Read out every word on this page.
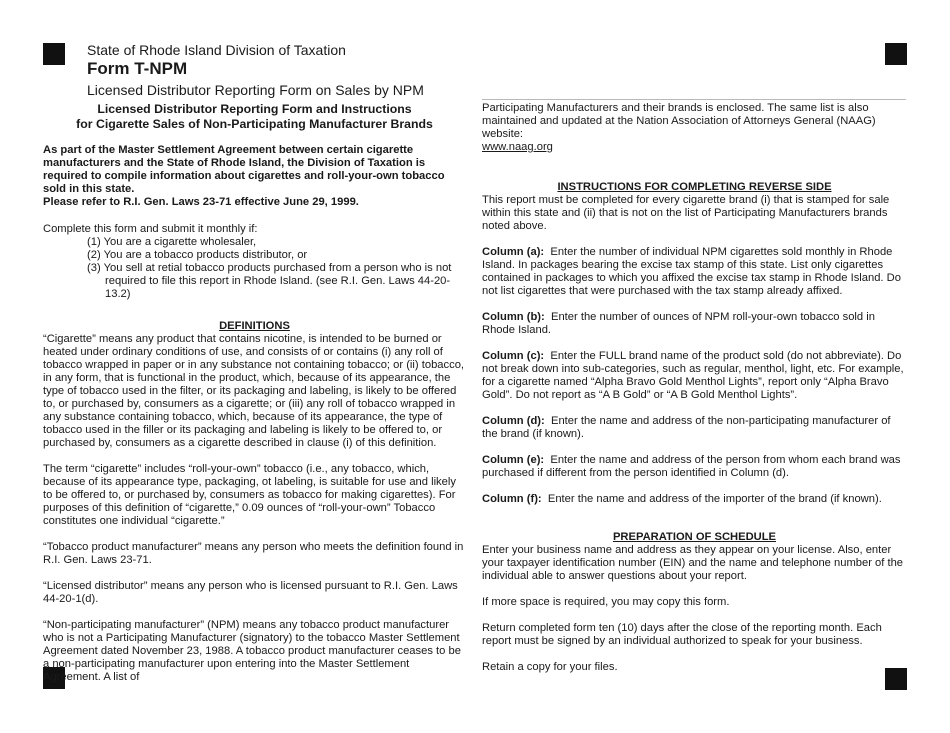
State of Rhode Island Division of Taxation
Form T-NPM
Licensed Distributor Reporting Form on Sales by NPM
Licensed Distributor Reporting Form and Instructions
for Cigarette Sales of Non-Participating Manufacturer Brands
As part of the Master Settlement Agreement between certain cigarette manufacturers and the State of Rhode Island, the Division of Taxation is required to compile information about cigarettes and roll-your-own tobacco sold in this state.
Please refer to R.I. Gen. Laws 23-71 effective June 29, 1999.

Complete this form and submit it monthly if:

(1) You are a cigarette wholesaler,
(2) You are a tobacco products distributor, or
(3) You sell at retial tobacco products purchased from a person who is not required to file this report in Rhode Island. (see R.I. Gen. Laws 44-20-13.2)

DEFINITIONS

“Cigarette” means any product that contains nicotine, is intended to be burned or heated under ordinary conditions of use, and consists of or contains (i) any roll of tobacco wrapped in paper or in any substance not containing tobacco; or (ii) tobacco, in any form, that is functional in the product, which, because of its appearance, the type of tobacco used in the filter, or its packaging and labeling, is likely to be offered to, or purchased by, consumers as a cigarette; or (iii) any roll of tobacco wrapped in any substance containing tobacco, which, because of its appearance, the type of tobacco used in the filler or its packaging and labeling is likely to be offered to, or purchased by, consumers as a cigarette described in clause (i) of this definition.

The term “cigarette” includes “roll-your-own” tobacco (i.e., any tobacco, which, because of its appearance type, packaging, ot labeling, is suitable for use and likely to be offered to, or purchased by, consumers as tobacco for making cigarettes). For purposes of this definition of “cigarette,” 0.09 ounces of “roll-your-own” Tobacco constitutes one individual “cigarette.”

“Tobacco product manufacturer” means any person who meets the definition found in R.I. Gen. Laws 23-71.

“Licensed distributor” means any person who is licensed pursuant to R.I. Gen. Laws 44-20-1(d).

“Non-participating manufacturer” (NPM) means any tobacco product manufacturer who is not a Participating Manufacturer (signatory) to the tobacco Master Settlement Agreement dated November 23, 1988. A tobacco product manufacturer ceases to be a non-participating manufacturer upon entering into the Master Settlement Agreement. A list of

Participating Manufacturers and their brands is enclosed. The same list is also maintained and updated at the Nation Association of Attorneys General (NAAG) website:
www.naag.org

INSTRUCTIONS FOR COMPLETING REVERSE SIDE

This report must be completed for every cigarette brand (i) that is stamped for sale within this state and (ii) that is not on the list of Participating Manufacturers brands noted above.

Column (a): Enter the number of individual NPM cigarettes sold monthly in Rhode Island. In packages bearing the excise tax stamp of this state. List only cigarettes contained in packages to which you affixed the excise tax stamp in Rhode Island. Do not list cigarettes that were purchased with the tax stamp already affixed.

Column (b): Enter the number of ounces of NPM roll-your-own tobacco sold in Rhode Island.

Column (c): Enter the FULL brand name of the product sold (do not abbreviate). Do not break down into sub-categories, such as regular, menthol, light, etc. For example, for a cigarette named “Alpha Bravo Gold Menthol Lights”, report only “Alpha Bravo Gold”. Do not report as “A B Gold” or “A B Gold Menthol Lights”.

Column (d): Enter the name and address of the non-participating manufacturer of the brand (if known).

Column (e): Enter the name and address of the person from whom each brand was purchased if different from the person identified in Column (d).

Column (f): Enter the name and address of the importer of the brand (if known).

PREPARATION OF SCHEDULE

Enter your business name and address as they appear on your license. Also, enter your taxpayer identification number (EIN) and the name and telephone number of the individual able to answer questions about your report.

If more space is required, you may copy this form.

Return completed form ten (10) days after the close of the reporting month. Each report must be signed by an individual authorized to speak for your business.

Retain a copy for your files.
